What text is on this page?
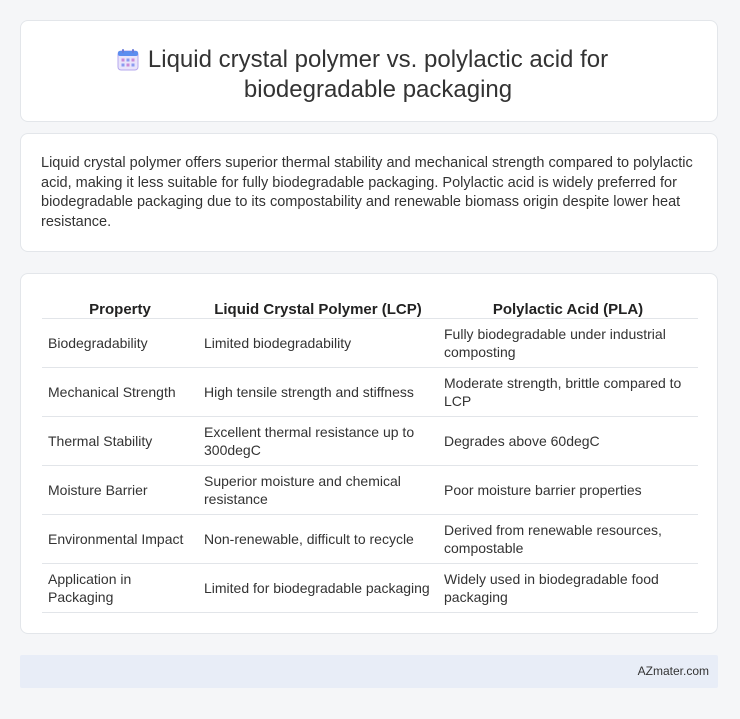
Liquid crystal polymer vs. polylactic acid for biodegradable packaging
Liquid crystal polymer offers superior thermal stability and mechanical strength compared to polylactic acid, making it less suitable for fully biodegradable packaging. Polylactic acid is widely preferred for biodegradable packaging due to its compostability and renewable biomass origin despite lower heat resistance.
Property	Liquid Crystal Polymer (LCP)	Polylactic Acid (PLA)
Biodegradability	Limited biodegradability	Fully biodegradable under industrial composting
Mechanical Strength	High tensile strength and stiffness	Moderate strength, brittle compared to LCP
Thermal Stability	Excellent thermal resistance up to 300degC	Degrades above 60degC
Moisture Barrier	Superior moisture and chemical resistance	Poor moisture barrier properties
Environmental Impact	Non-renewable, difficult to recycle	Derived from renewable resources, compostable
Application in Packaging	Limited for biodegradable packaging	Widely used in biodegradable food packaging
AZmater.com
